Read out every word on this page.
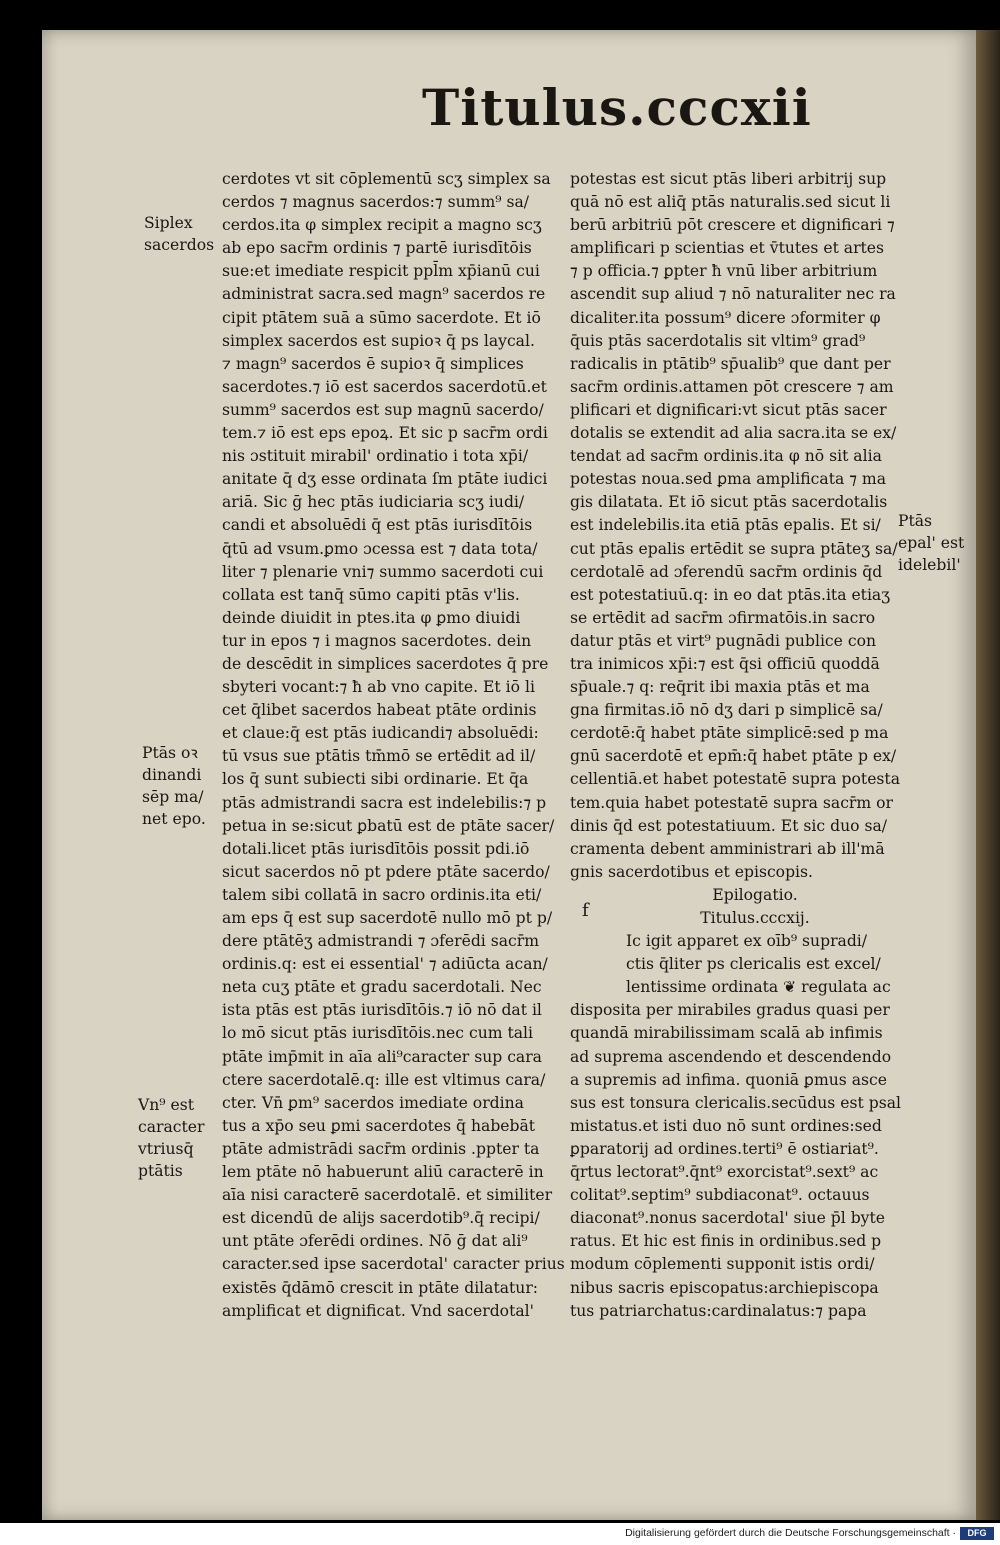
Titulus.cccxii
Siplex
sacerdos
Ptās oꝛ
dinandi
sēp ma/
net epo.
Vn⁹ est
caracter
vtriusq̄
ptātis
Ptās
epal' est
idelebil'
f
cerdotes vt sit cōplementū scʒ simplex sa
cerdos ⁊ magnus sacerdos:⁊ summ⁹ sa/
cerdos.ita φ simplex recipit a magno scʒ
ab epo sacr̄m ordinis ⁊ partē iurisdītōis
sue:et imediate respicit ppl̄m xp̄ianū cui
administrat sacra.sed magn⁹ sacerdos re
cipit ptātem suā a sūmo sacerdote. Et iō
simplex sacerdos est supioꝛ q̄ ps laycal.
⁊ magn⁹ sacerdos ē supioꝛ q̄ simplices
sacerdotes.⁊ iō est sacerdos sacerdotū.et
summ⁹ sacerdos est sup magnū sacerdo/
tem.⁊ iō est eps epoꝝ. Et sic p sacr̄m ordi
nis ɔstituit mirabil' ordinatio i tota xp̄i/
anitate q̄ dʒ esse ordinata ſm ptāte iudici
ariā. Sic ḡ hec ptās iudiciaria scʒ iudi/
candi et absoluēdi q̄ est ptās iurisdītōis
q̄tū ad vsum.ꝑmo ɔcessa est ⁊ data tota/
liter ⁊ plenarie vni⁊ summo sacerdoti cui
collata est tanq̄ sūmo capiti ptās v'lis.
deinde diuidit in ptes.ita φ ꝑmo diuidi
tur in epos ⁊ i magnos sacerdotes. dein
de descēdit in simplices sacerdotes q̄ pre
sbyteri vocant:⁊ ħ ab vno capite. Et iō li
cet q̄libet sacerdos habeat ptāte ordinis
et claue:q̄ est ptās iudicandi⁊ absoluēdi:
tū vsus sue ptātis tm̄mō se ertēdit ad il/
los q̄ sunt subiecti sibi ordinarie. Et q̄a
ptās admistrandi sacra est indelebilis:⁊ p
petua in se:sicut ꝑbatū est de ptāte sacer/
dotali.licet ptās iurisdītōis possit pdi.iō
sicut sacerdos nō pt pdere ptāte sacerdo/
talem sibi collatā in sacro ordinis.ita eti/
am eps q̄ est sup sacerdotē nullo mō pt p/
dere ptātēʒ admistrandi ⁊ ɔferēdi sacr̄m
ordinis.q: est ei essential' ⁊ adiūcta acan/
neta cuʒ ptāte et gradu sacerdotali. Nec
ista ptās est ptās iurisdītōis.⁊ iō nō dat il
lo mō sicut ptās iurisdītōis.nec cum tali
ptāte imp̄mit in aīa ali⁹caracter sup cara
ctere sacerdotalē.q: ille est vltimus cara/
cter. Vn̄ ꝑm⁹ sacerdos imediate ordina
tus a xp̄o seu ꝑmi sacerdotes q̄ habebāt
ptāte admistrādi sacr̄m ordinis .ppter ta
lem ptāte nō habuerunt aliū caracterē in
aīa nisi caracterē sacerdotalē. et similiter
est dicendū de alijs sacerdotib⁹.q̄ recipi/
unt ptāte ɔferēdi ordines. Nō ḡ dat ali⁹
caracter.sed ipse sacerdotal' caracter prius
existēs q̄dāmō crescit in ptāte dilatatur:
amplificat et dignificat. Vnd sacerdotal'
potestas est sicut ptās liberi arbitrij sup
quā nō est aliq̄ ptās naturalis.sed sicut li
berū arbitriū pōt crescere et dignificari ⁊
amplificari p scientias et v̄tutes et artes
⁊ p officia.⁊ ꝑpter ħ vnū liber arbitrium
ascendit sup aliud ⁊ nō naturaliter nec ra
dicaliter.ita possum⁹ dicere ɔformiter φ
q̄uis ptās sacerdotalis sit vltim⁹ grad⁹
radicalis in ptātib⁹ sp̄ualib⁹ que dant per
sacr̄m ordinis.attamen pōt crescere ⁊ am
plificari et dignificari:vt sicut ptās sacer
dotalis se extendit ad alia sacra.ita se ex/
tendat ad sacr̄m ordinis.ita φ nō sit alia
potestas noua.sed ꝑma amplificata ⁊ ma
gis dilatata. Et iō sicut ptās sacerdotalis
est indelebilis.ita etiā ptās epalis. Et si/
cut ptās epalis ertēdit se supra ptāteʒ sa/
cerdotalē ad ɔferendū sacr̄m ordinis q̄d
est potestatiuū.q: in eo dat ptās.ita etiaʒ
se ertēdit ad sacr̄m ɔfirmatōis.in sacro
datur ptās et virt⁹ pugnādi publice con
tra inimicos xp̄i:⁊ est q̄si officiū quoddā
sp̄uale.⁊ q: req̄rit ibi maxia ptās et ma
gna firmitas.iō nō dʒ dari p simplicē sa/
cerdotē:q̄ habet ptāte simplicē:sed p ma
gnū sacerdotē et epm̄:q̄ habet ptāte p ex/
cellentiā.et habet potestatē supra potesta
tem.quia habet potestatē supra sacr̄m or
dinis q̄d est potestatiuum. Et sic duo sa/
cramenta debent amministrari ab ill'mā
gnis sacerdotibus et episcopis.
Epilogatio.
Titulus.cccxij.
Ic igit apparet ex oīb⁹ supradi/
ctis q̄liter ps clericalis est excel/
lentissime ordinata ❦ regulata ac
disposita per mirabiles gradus quasi per
quandā mirabilissimam scalā ab infimis
ad suprema ascendendo et descendendo
a supremis ad infima. quoniā ꝑmus asce
sus est tonsura clericalis.secūdus est psal
mistatus.et isti duo nō sunt ordines:sed
ꝑparatorij ad ordines.terti⁹ ē ostiariat⁹.
q̄rtus lectorat⁹.q̄nt⁹ exorcistat⁹.sext⁹ ac
colitat⁹.septim⁹ subdiaconat⁹. octauus
diaconat⁹.nonus sacerdotal' siue p̄l byte
ratus. Et hic est finis in ordinibus.sed p
modum cōplementi supponit istis ordi/
nibus sacris episcopatus:archiepiscopa
tus patriarchatus:cardinalatus:⁊ papa
Digitalisierung gefördert durch die Deutsche Forschungsgemeinschaft ·	DFG
